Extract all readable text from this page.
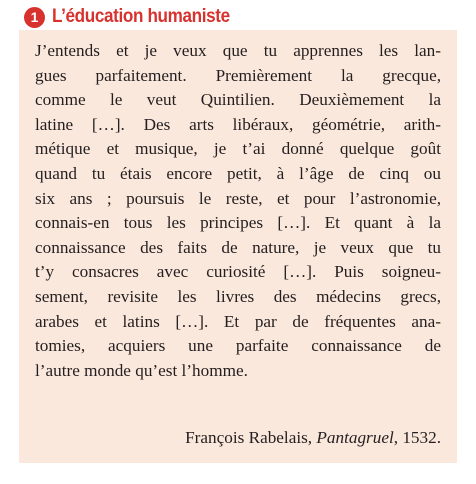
1 L’éducation humaniste
J’entends et je veux que tu apprennes les lan-
gues parfaitement. Premièrement la grecque,
comme le veut Quintilien. Deuxièmement la
latine […]. Des arts libéraux, géométrie, arith-
métique et musique, je t’ai donné quelque goût
quand tu étais encore petit, à l’âge de cinq ou
six ans ; poursuis le reste, et pour l’astronomie,
connais-en tous les principes […]. Et quant à la
connaissance des faits de nature, je veux que tu
t’y consacres avec curiosité […]. Puis soigneu-
sement, revisite les livres des médecins grecs,
arabes et latins […]. Et par de fréquentes ana-
tomies, acquiers une parfaite connaissance de
l’autre monde qu’est l’homme.
François Rabelais, Pantagruel, 1532.
